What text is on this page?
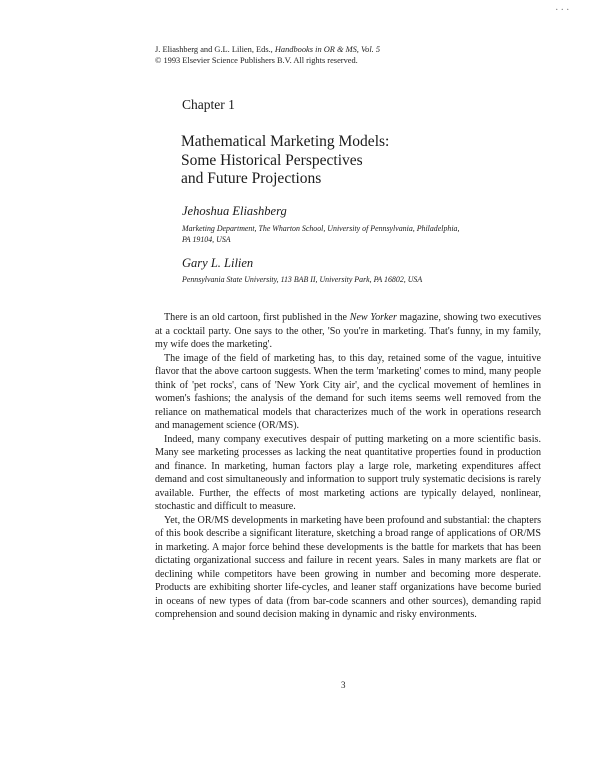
...
J. Eliashberg and G.L. Lilien, Eds., Handbooks in OR & MS, Vol. 5
© 1993 Elsevier Science Publishers B.V. All rights reserved.
Chapter 1
Mathematical Marketing Models:
Some Historical Perspectives
and Future Projections
Jehoshua Eliashberg
Marketing Department, The Wharton School, University of Pennsylvania, Philadelphia,
PA 19104, USA
Gary L. Lilien
Pennsylvania State University, 113 BAB II, University Park, PA 16802, USA

There is an old cartoon, first published in the New Yorker magazine, showing two executives at a cocktail party. One says to the other, 'So you're in marketing. That's funny, in my family, my wife does the marketing'.

The image of the field of marketing has, to this day, retained some of the vague, intuitive flavor that the above cartoon suggests. When the term 'marketing' comes to mind, many people think of 'pet rocks', cans of 'New York City air', and the cyclical movement of hemlines in women's fashions; the analysis of the demand for such items seems well removed from the reliance on mathematical models that characterizes much of the work in operations research and management science (OR/MS).

Indeed, many company executives despair of putting marketing on a more scientific basis. Many see marketing processes as lacking the neat quantitative properties found in production and finance. In marketing, human factors play a large role, marketing expenditures affect demand and cost simultaneously and information to support truly systematic decisions is rarely available. Further, the effects of most marketing actions are typically delayed, nonlinear, stochastic and difficult to measure.

Yet, the OR/MS developments in marketing have been profound and substantial: the chapters of this book describe a significant literature, sketching a broad range of applications of OR/MS in marketing. A major force behind these developments is the battle for markets that has been dictating organizational success and failure in recent years. Sales in many markets are flat or declining while competitors have been growing in number and becoming more desperate. Products are exhibiting shorter life-cycles, and leaner staff organizations have become buried in oceans of new types of data (from bar-code scanners and other sources), demanding rapid comprehension and sound decision making in dynamic and risky environments.

3
